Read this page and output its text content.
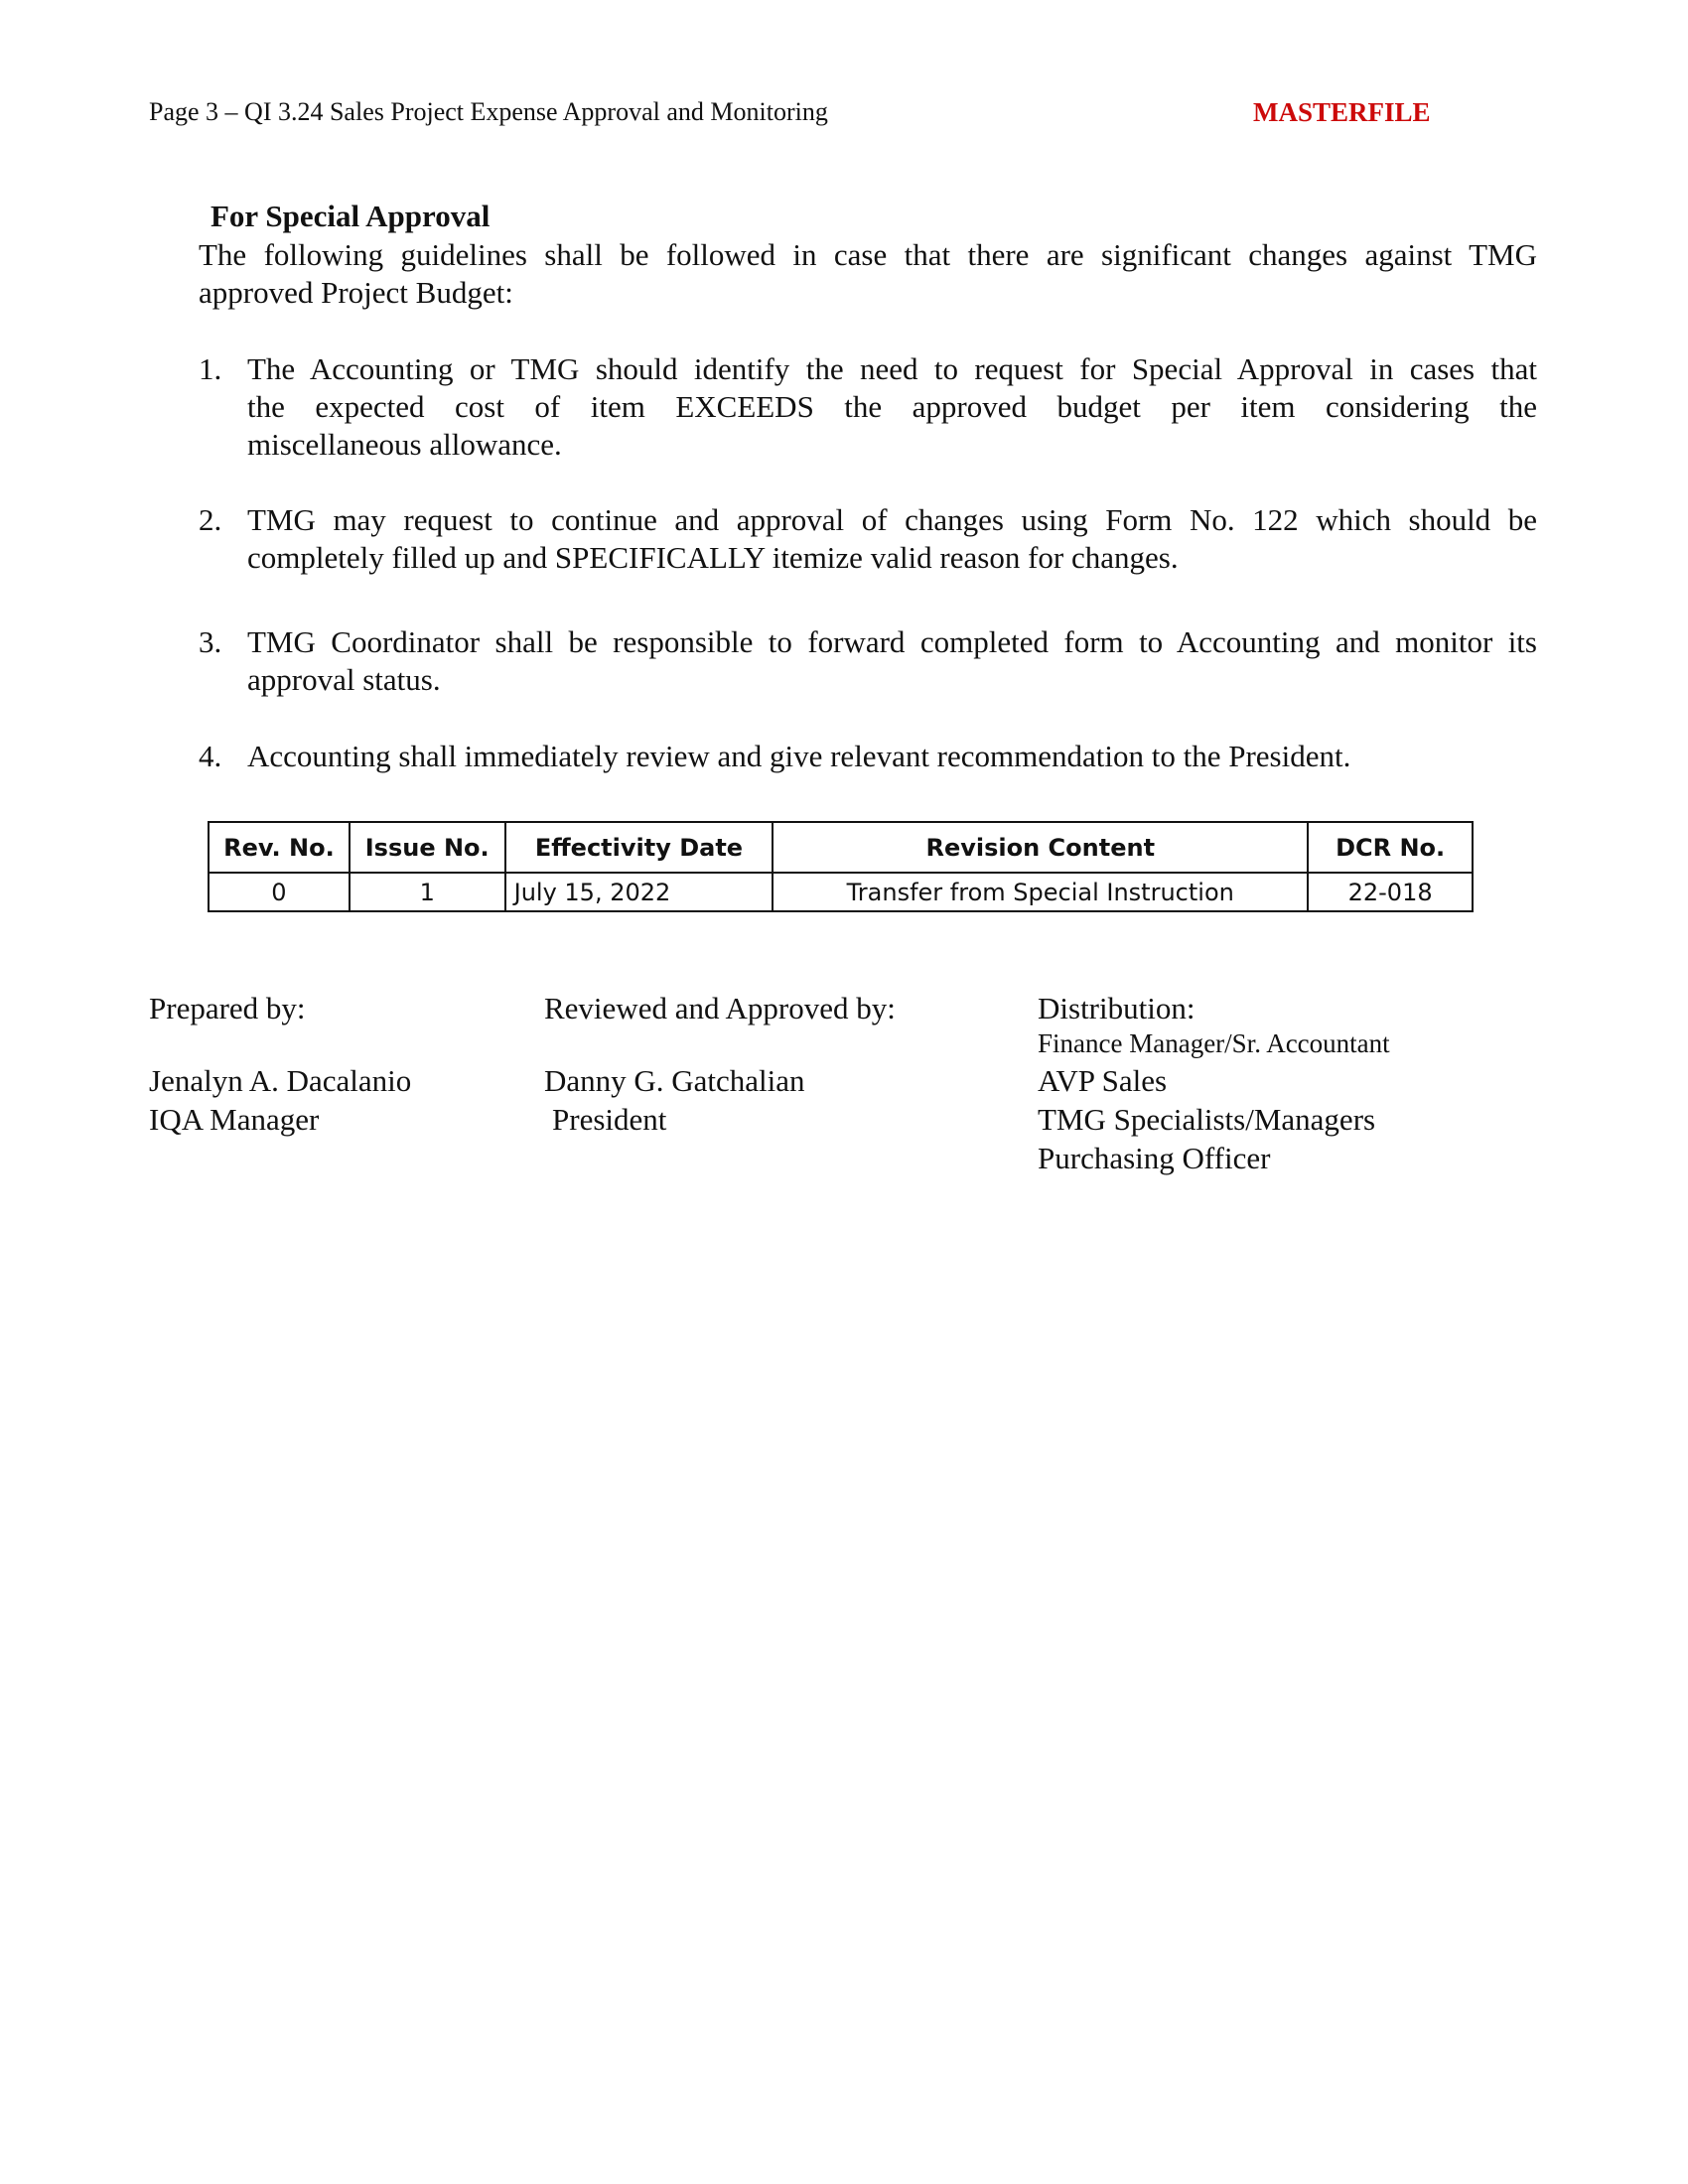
Page 3 – QI 3.24 Sales Project Expense Approval and Monitoring	MASTERFILE
For Special Approval
The following guidelines shall be followed in case that there are significant changes against TMG
approved Project Budget:
1. The Accounting or TMG should identify the need to request for Special Approval in cases that
the expected cost of item EXCEEDS the approved budget per item considering the
miscellaneous allowance.
2. TMG may request to continue and approval of changes using Form No. 122 which should be
completely filled up and SPECIFICALLY itemize valid reason for changes.
3. TMG Coordinator shall be responsible to forward completed form to Accounting and monitor its
approval status.
4. Accounting shall immediately review and give relevant recommendation to the President.
Rev. No.	Issue No.	Effectivity Date	Revision Content	DCR No.
0	1	July 15, 2022	Transfer from Special Instruction	22-018
Prepared by:
Jenalyn A. Dacalanio
IQA Manager
Reviewed and Approved by:
Danny G. Gatchalian
President
Distribution:
Finance Manager/Sr. Accountant
AVP Sales
TMG Specialists/Managers
Purchasing Officer
